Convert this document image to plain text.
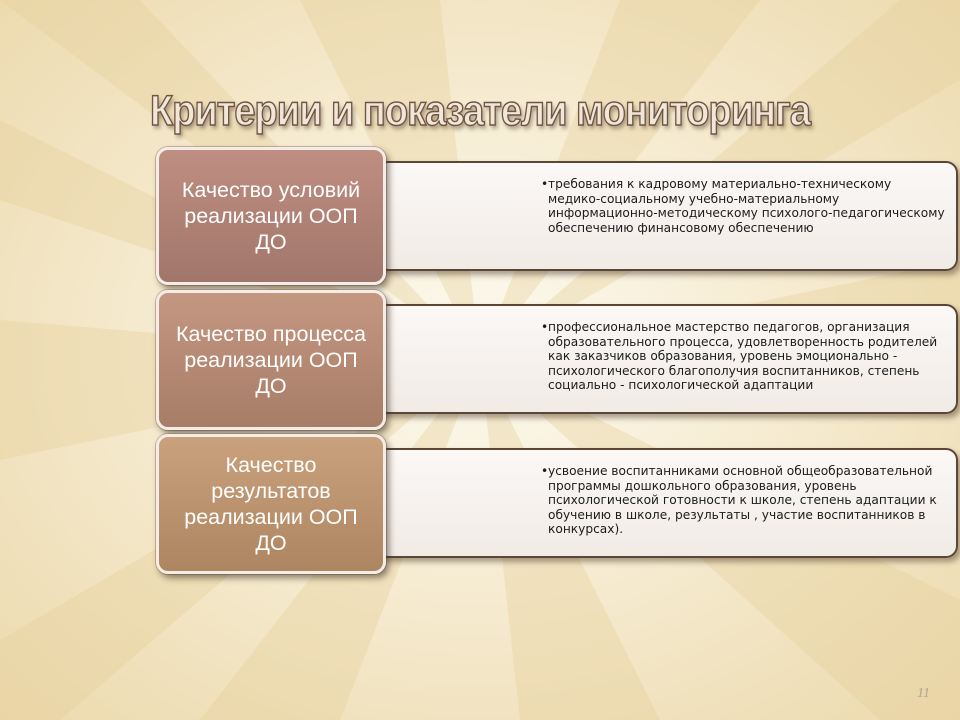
Критерии и показатели мониторинга

• требования к кадровому материально-техническому медико-социальному учебно-материальному информационно-методическому психолого-педагогическому обеспечению финансовому обеспечению

Качество условий реализации ООП ДО

• профессиональное мастерство педагогов, организация образовательного процесса, удовлетворенность родителей как заказчиков образования, уровень эмоционально - психологического благополучия воспитанников, степень социально - психологической адаптации

Качество процесса реализации ООП ДО

• усвоение воспитанниками основной общеобразовательной программы дошкольного образования, уровень психологической готовности к школе, степень адаптации к обучению в школе, результаты , участие воспитанников в конкурсах).

Качество результатов реализации ООП ДО
11
